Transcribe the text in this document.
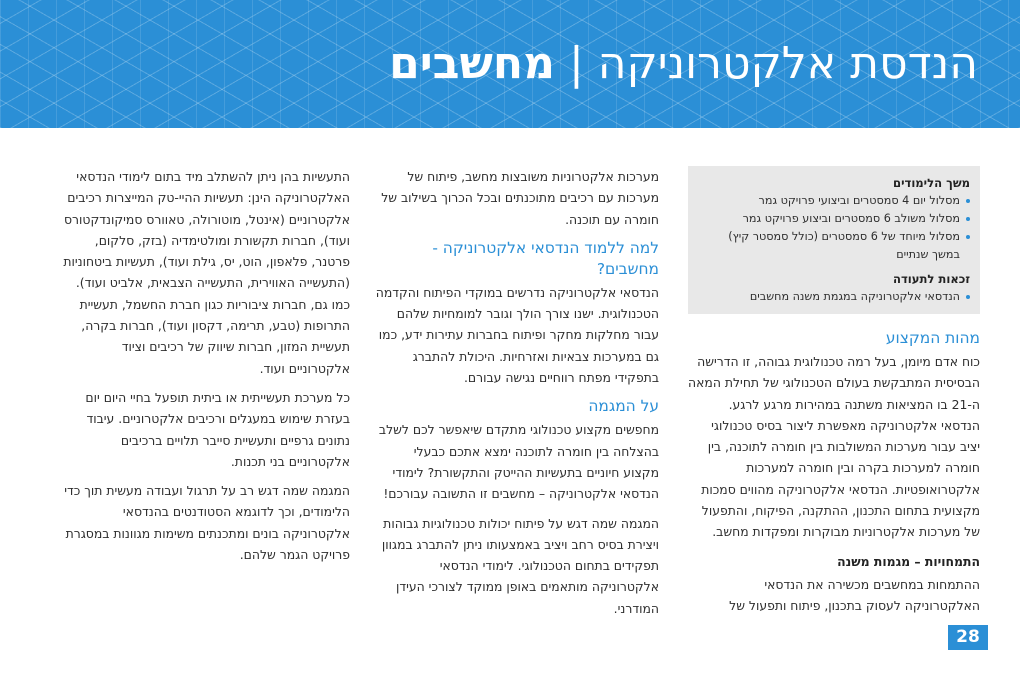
הנדסת אלקטרוניקה | מחשבים
משך הלימודים
מסלול יום 4 סמסטרים וביצועי פרויקט גמר
מסלול משולב 6 סמסטרים וביצוע פרויקט גמר
מסלול מיוחד של 6 סמסטרים (כולל סמסטר קיץ) במשך שנתיים
זכאות לתעודה
הנדסאי אלקטרוניקה במגמת משנה מחשבים
מהות המקצוע

כוח אדם מיומן, בעל רמה טכנולוגית גבוהה, זו הדרישה הבסיסית המתבקשת בעולם הטכנולוגי של תחילת המאה ה-21 בו המציאות משתנה במהירות מרגע לרגע. הנדסאי אלקטרוניקה מאפשרת ליצור בסיס טכנולוגי יציב עבור מערכות המשולבות בין חומרה לתוכנה, בין חומרה למערכות בקרה ובין חומרה למערכות אלקטרואופטיות. הנדסאי אלקטרוניקה מהווים סמכות מקצועית בתחום התכנון, ההתקנה, הפיקוח, והתפעול של מערכות אלקטרוניות מבוקרות ומפקדות מחשב.

התמחויות – מגמות משנה

ההתמחות במחשבים מכשירה את הנדסאי האלקטרוניקה לעסוק בתכנון, פיתוח ותפעול של

מערכות אלקטרוניות משובצות מחשב, פיתוח של מערכות עם רכיבים מתוכנתים ובכל הכרוך בשילוב של חומרה עם תוכנה.

למה ללמוד הנדסאי אלקטרוניקה - מחשבים?

הנדסאי אלקטרוניקה נדרשים במוקדי הפיתוח והקדמה הטכנולוגית. ישנו צורך הולך וגובר למומחיות שלהם עבור מחלקות מחקר ופיתוח בחברות עתירות ידע, כמו גם במערכות צבאיות ואזרחיות. היכולת להתברג בתפקידי מפתח רווחיים נגישה עבורם.

על המגמה

מחפשים מקצוע טכנולוגי מתקדם שיאפשר לכם לשלב בהצלחה בין חומרה לתוכנה ימצא אתכם כבעלי מקצוע חיוניים בתעשיות ההייטק והתקשורת? לימודי הנדסאי אלקטרוניקה – מחשבים זו התשובה עבורכם!

המגמה שמה דגש על פיתוח יכולות טכנולוגיות גבוהות ויצירת בסיס רחב ויציב באמצעותו ניתן להתברג במגוון תפקידים בתחום הטכנולוגי. לימודי הנדסאי אלקטרוניקה מותאמים באופן ממוקד לצורכי העידן המודרני.

התעשיות בהן ניתן להשתלב מיד בתום לימודי הנדסאי האלקטרוניקה הינן: תעשיות ההיי-טק המייצרות רכיבים אלקטרוניים (אינטל, מוטורולה, טאוורס סמיקונדקטורס ועוד), חברות תקשורת ומולטימדיה (בזק, סלקום, פרטנר, פלאפון, הוט, יס, גילת ועוד), תעשיות ביטחוניות (התעשייה האווירית, התעשייה הצבאית, אלביט ועוד). כמו גם, חברות ציבוריות כגון חברת החשמל, תעשיית התרופות (טבע, תרימה, דקסון ועוד), חברות בקרה, תעשיית המזון, חברות שיווק של רכיבים וציוד אלקטרוניים ועוד.

כל מערכת תעשייתית או ביתית תופעל בחיי היום יום בעזרת שימוש במעגלים ורכיבים אלקטרוניים. עיבוד נתונים גרפיים ותעשיית סייבר תלויים ברכיבים אלקטרוניים בני תכנות.

המגמה שמה דגש רב על תרגול ועבודה מעשית תוך כדי הלימודים, וכך לדוגמא הסטודנטים בהנדסאי אלקטרוניקה בונים ומתכנתים משימות מגוונות במסגרת פרויקט הגמר שלהם.

28
